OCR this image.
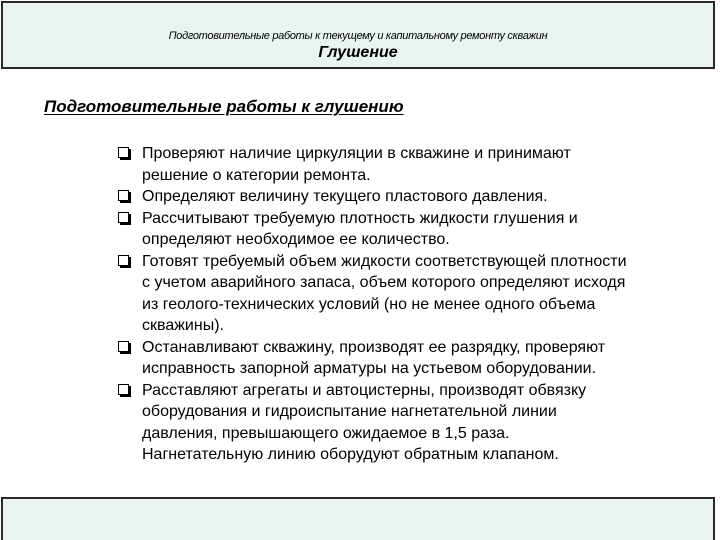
Подготовительные работы к текущему и капитальному ремонту скважин
Глушение
Подготовительные работы к глушению
Проверяют наличие циркуляции в скважине и принимают решение о категории ремонта.
Определяют величину текущего пластового давления.
Рассчитывают требуемую плотность жидкости глушения и определяют необходимое ее количество.
Готовят требуемый объем жидкости соответствующей плотности с учетом аварийного запаса, объем которого определяют исходя из геолого-технических условий (но не менее одного объема скважины).
Останавливают скважину, производят ее разрядку, проверяют исправность запорной арматуры на устьевом оборудовании.
Расставляют агрегаты и автоцистерны, производят обвязку оборудования и гидроиспытание нагнетательной линии давления, превышающего ожидаемое в 1,5 раза. Нагнетательную линию оборудуют обратным клапаном.
